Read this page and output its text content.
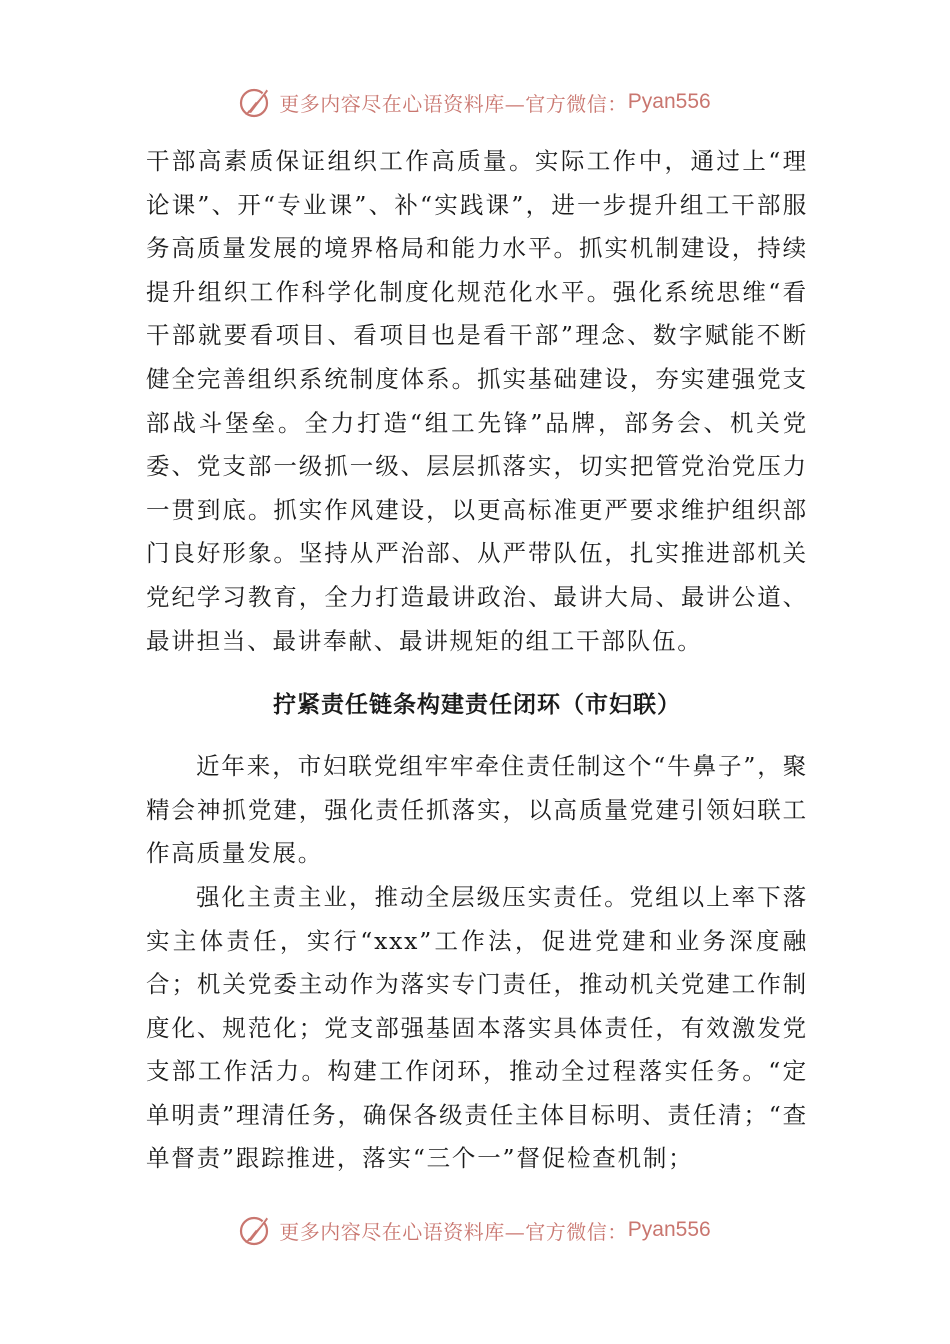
更多内容尽在心语资料库—官方微信： Pyan556

干部高素质保证组织工作高质量。实际工作中，通过上“理论课”、开“专业课”、补“实践课”，进一步提升组工干部服务高质量发展的境界格局和能力水平。抓实机制建设，持续提升组织工作科学化制度化规范化水平。强化系统思维“看干部就要看项目、看项目也是看干部”理念、数字赋能不断健全完善组织系统制度体系。抓实基础建设，夯实建强党支部战斗堡垒。全力打造“组工先锋”品牌，部务会、机关党委、党支部一级抓一级、层层抓落实，切实把管党治党压力一贯到底。抓实作风建设，以更高标准更严要求维护组织部门良好形象。坚持从严治部、从严带队伍，扎实推进部机关党纪学习教育，全力打造最讲政治、最讲大局、最讲公道、最讲担当、最讲奉献、最讲规矩的组工干部队伍。

拧紧责任链条构建责任闭环（市妇联）

近年来，市妇联党组牢牢牵住责任制这个“牛鼻子”，聚精会神抓党建，强化责任抓落实，以高质量党建引领妇联工作高质量发展。

强化主责主业，推动全层级压实责任。党组以上率下落实主体责任，实行“xxx”工作法，促进党建和业务深度融合；机关党委主动作为落实专门责任，推动机关党建工作制度化、规范化；党支部强基固本落实具体责任，有效激发党支部工作活力。构建工作闭环，推动全过程落实任务。“定单明责”理清任务，确保各级责任主体目标明、责任清；“查单督责”跟踪推进，落实“三个一”督促检查机制；

更多内容尽在心语资料库—官方微信： Pyan556
